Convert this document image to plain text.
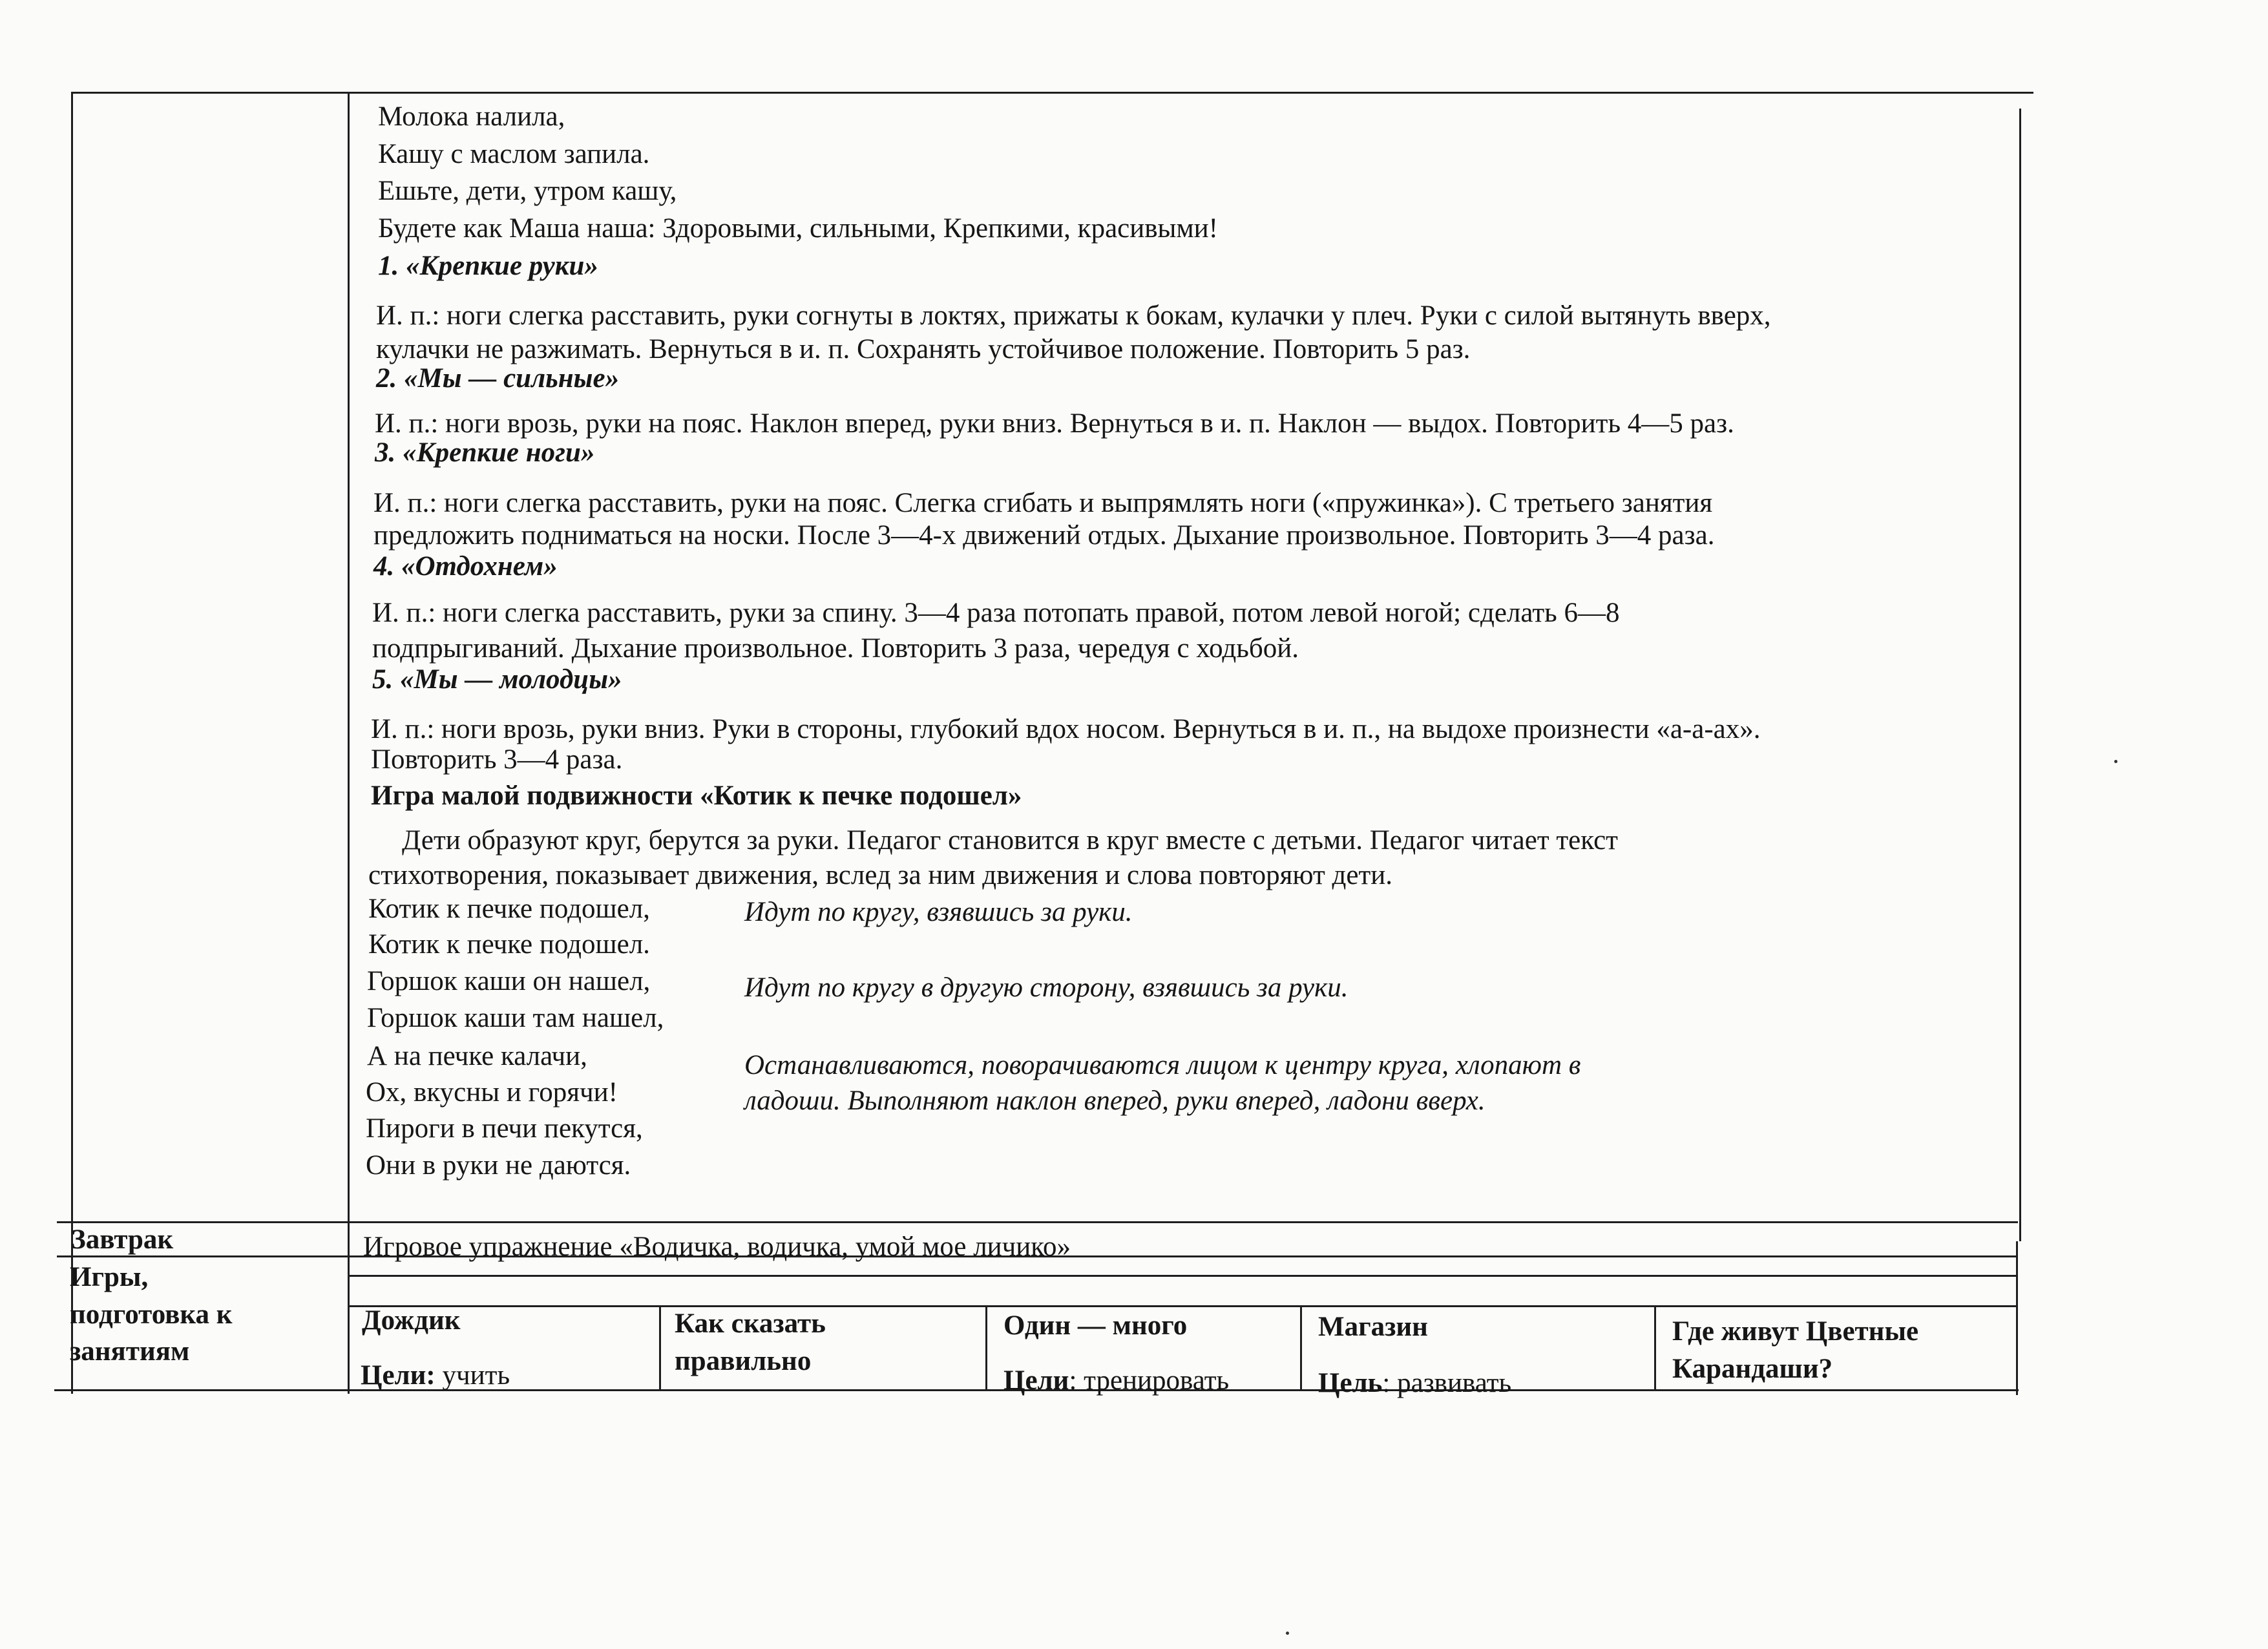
Молока налила,
Кашу с маслом запила.
Ешьте, дети, утром кашу,
Будете как Маша наша: Здоровыми, сильными, Крепкими, красивыми!
1. «Крепкие руки»
И. п.: ноги слегка расставить, руки согнуты в локтях, прижаты к бокам, кулачки у плеч. Руки с силой вытянуть вверх,
кулачки не разжимать. Вернуться в и. п. Сохранять устойчивое положение. Повторить 5 раз.
2. «Мы — сильные»
И. п.: ноги врозь, руки на пояс. Наклон вперед, руки вниз. Вернуться в и. п. Наклон — выдох. Повторить 4—5 раз.
3. «Крепкие ноги»
И. п.: ноги слегка расставить, руки на пояс. Слегка сгибать и выпрямлять ноги («пружинка»). С третьего занятия
предложить подниматься на носки. После 3—4-х движений отдых. Дыхание произвольное. Повторить 3—4 раза.
4. «Отдохнем»
И. п.: ноги слегка расставить, руки за спину. 3—4 раза потопать правой, потом левой ногой; сделать 6—8
подпрыгиваний. Дыхание произвольное. Повторить 3 раза, чередуя с ходьбой.
5. «Мы — молодцы»
И. п.: ноги врозь, руки вниз. Руки в стороны, глубокий вдох носом. Вернуться в и. п., на выдохе произнести «а-а-ах».
Повторить 3—4 раза.
Игра малой подвижности «Котик к печке подошел»
Дети образуют круг, берутся за руки. Педагог становится в круг вместе с детьми. Педагог читает текст
стихотворения, показывает движения, вслед за ним движения и слова повторяют дети.
Котик к печке подошел,
Котик к печке подошел.
Горшок каши он нашел,
Горшок каши там нашел,
А на печке калачи,
Ох, вкусны и горячи!
Пироги в печи пекутся,
Они в руки не даются.
Идут по кругу, взявшись за руки.
Идут по кругу в другую сторону, взявшись за руки.
Останавливаются, поворачиваются лицом к центру круга, хлопают в
ладоши. Выполняют наклон вперед, руки вперед, ладони вверх.
Завтрак	Игровое упражнение «Водичка, водичка, умой мое личико»
Игры,
подготовка к
занятиям
Дождик
Цели: учить
Как сказать
правильно
Один — много
Цели: тренировать
Магазин
Цель: развивать
Где живут Цветные
Карандаши?
